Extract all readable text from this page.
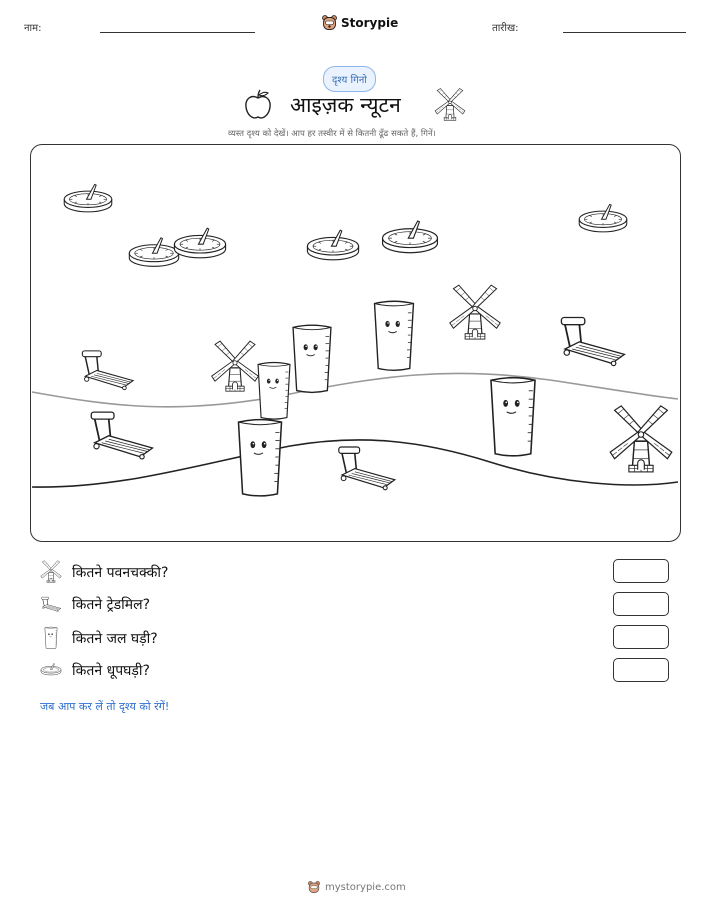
नाम:	Storypie	तारीख:
दृश्य गिनो
आइज़क न्यूटन
व्यस्त दृश्य को देखें। आप हर तस्वीर में से कितनी ढूँढ सकते हैं, गिनें।
कितने पवनचक्की?
कितने ट्रेडमिल?
कितने जल घड़ी?
कितने धूपघड़ी?
जब आप कर लें तो दृश्य को रंगें!
mystorypie.com
